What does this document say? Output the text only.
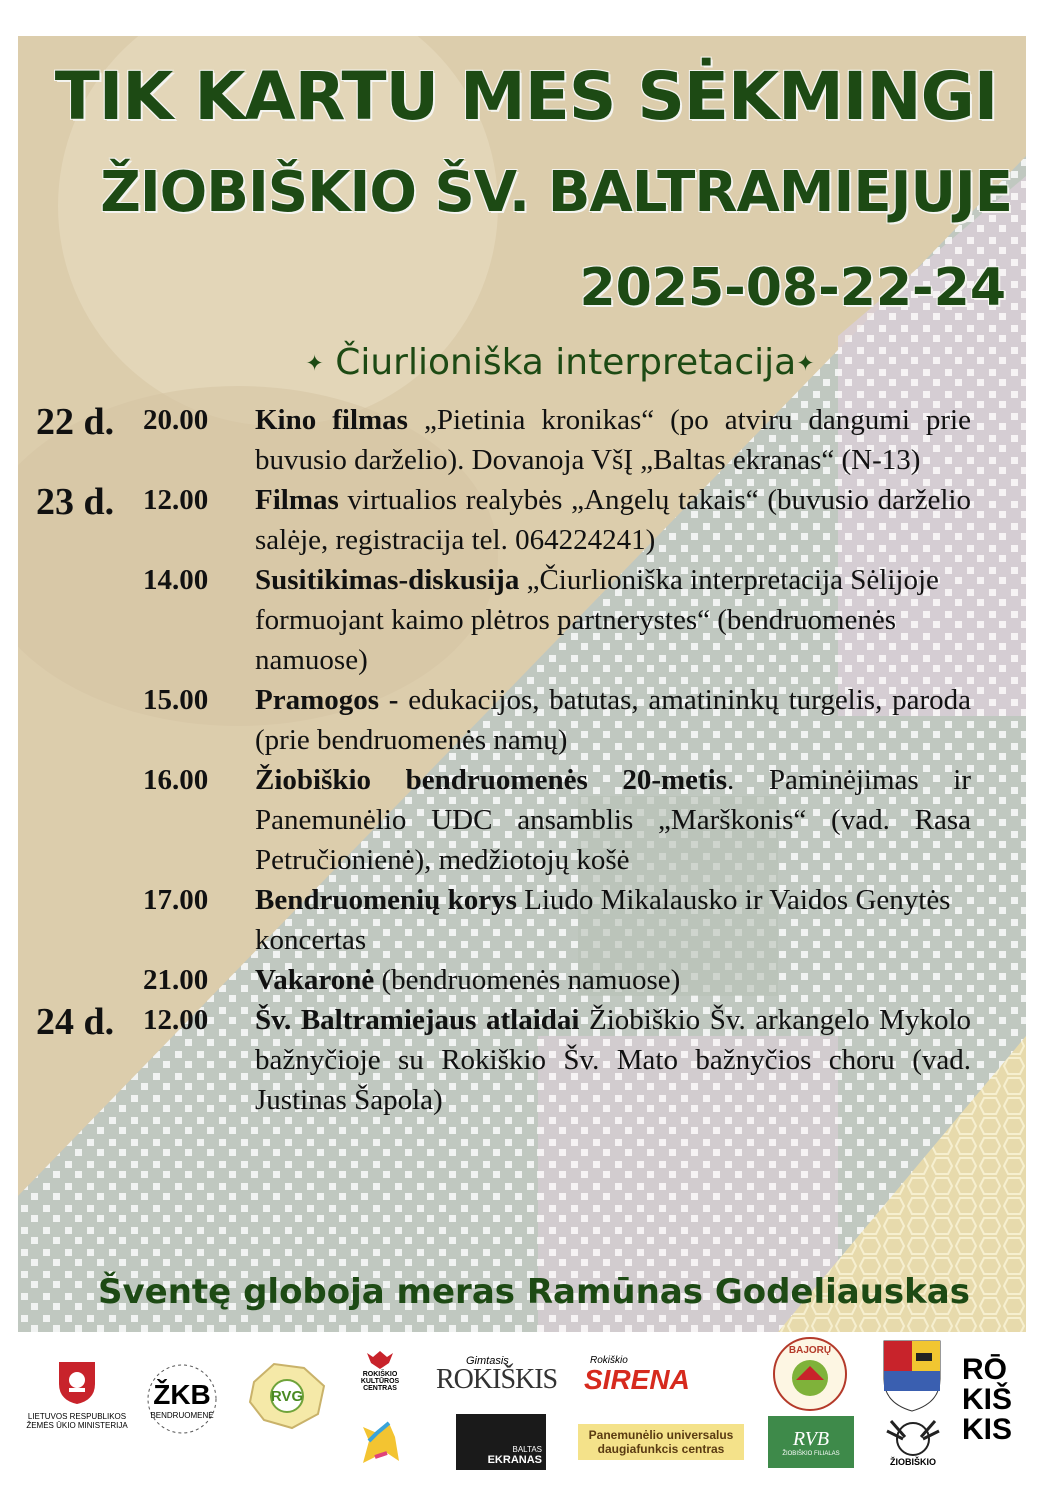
TIK KARTU MES SĖKMINGI
ŽIOBIŠKIO ŠV. BALTRAMIEJUJE
2025-08-22-24
✦ Čiurlioniška interpretacija✦
22 d. 20.00 Kino filmas „Pietinia kronikas“ (po atviru dangumi prie buvusio darželio). Dovanoja VšĮ „Baltas ekranas“ (N-13)
23 d. 12.00 Filmas virtualios realybės „Angelų takais“ (buvusio darželio salėje, registracija tel. 064224241)
14.00 Susitikimas-diskusija „Čiurlioniška interpretacija Sėlijoje formuojant kaimo plėtros partnerystes“ (bendruomenės namuose)
15.00 Pramogos - edukacijos, batutas, amatininkų turgelis, paroda (prie bendruomenės namų)
16.00 Žiobiškio bendruomenės 20-metis. Paminėjimas ir Panemunėlio UDC ansamblis „Marškonis“ (vad. Rasa Petručionienė), medžiotojų košė
17.00 Bendruomenių korys Liudo Mikalausko ir Vaidos Genytės koncertas
21.00 Vakaronė (bendruomenės namuose)
24 d. 12.00 Šv. Baltramiejaus atlaidai Žiobiškio Šv. arkangelo Mykolo bažnyčioje su Rokiškio Šv. Mato bažnyčios choru (vad. Justinas Šapola)
Šventę globoja meras Ramūnas Godeliauskas
LIETUVOS RESPUBLIKOS
ŽEMĖS ŪKIO MINISTERIJA
ŽKB
BENDRUOMENĖ
RVG
ROKIŠKIO
KULTŪROS
CENTRAS
Gimtasis
ROKIŠKIS
BALTAS
EKRANAS
Rokiškio
SIRENA
Panemunėlio universalus
daugiafunkcis centras
BAJORŲ
RVB
ŽIOBIŠKIO FILIALAS
ŽIOBIŠKIO
RŌ
KIŠ
KIS
